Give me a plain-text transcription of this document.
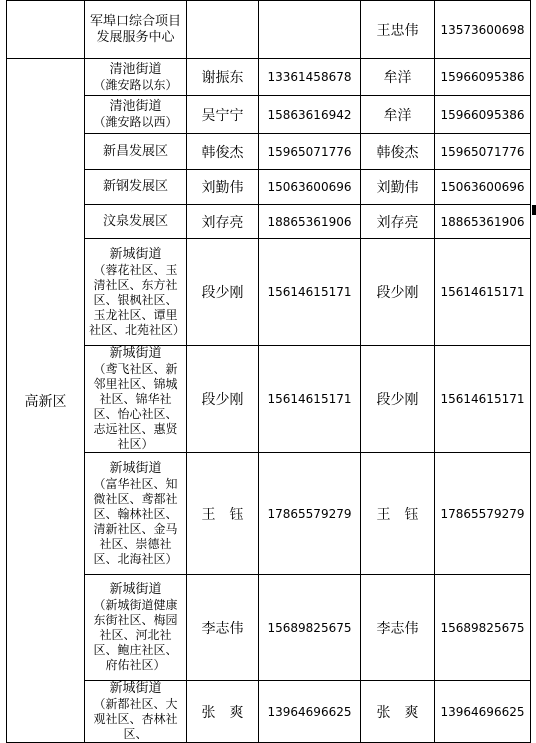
	军埠口综合项目发展服务中心			王忠伟	13573600698
高新区	清池街道
（潍安路以东）	谢振东	13361458678	牟洋	15966095386

	清池街道
（潍安路以西）	吴宁宁	15863616942	牟洋	15966095386

	新昌发展区	韩俊杰	15965071776	韩俊杰	15965071776

	新钢发展区	刘勤伟	15063600696	刘勤伟	15063600696

	汶泉发展区	刘存亮	18865361906	刘存亮	18865361906

	新城街道
（蓉花社区、玉清社区、东方社区、银枫社区、玉龙社区、谭里社区、北苑社区）	段少刚	15614615171	段少刚	15614615171

	新城街道
（鸢飞社区、新邻里社区、锦城社区、锦华社区、怡心社区、志远社区、惠贤社区）	段少刚	15614615171	段少刚	15614615171

	新城街道
（富华社区、知微社区、鸢都社区、翰林社区、清新社区、金马社区、崇德社区、北海社区）	王　钰	17865579279	王　钰	17865579279

	新城街道
（新城街道健康东街社区、梅园社区、河北社区、鲍庄社区、府佑社区）	李志伟	15689825675	李志伟	15689825675

	新城街道
（新都社区、大观社区、杏林社区、	张　爽	13964696625	张　爽	13964696625
